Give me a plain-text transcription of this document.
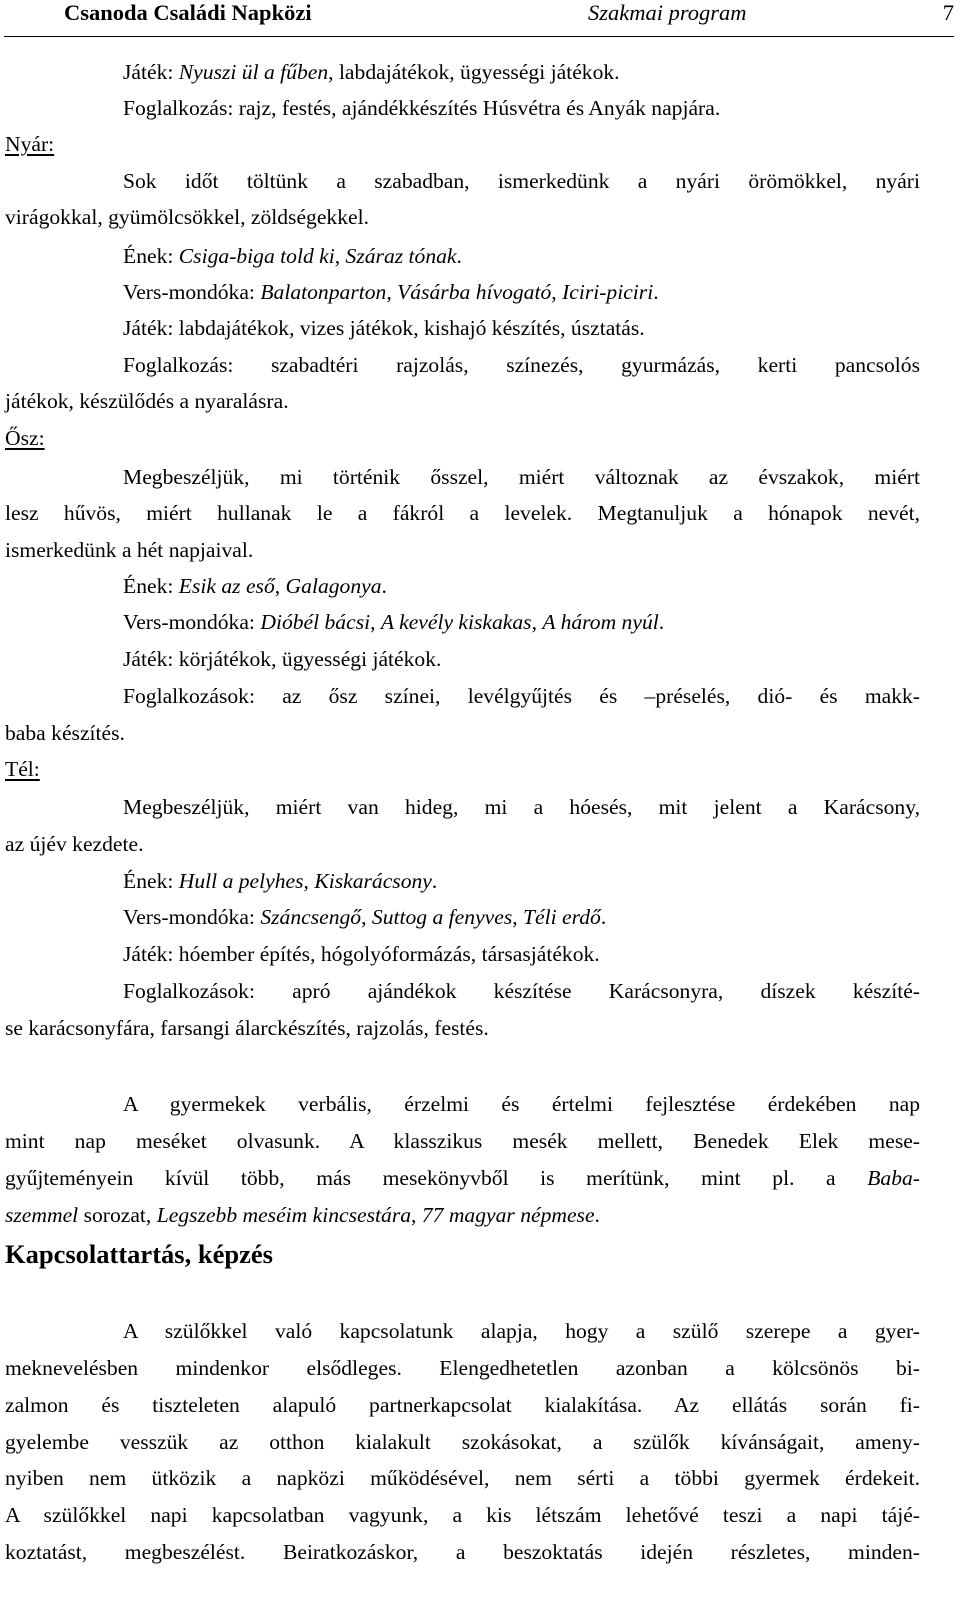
Csanoda Családi Napközi	Szakmai program	7
Játék: Nyuszi ül a fűben, labdajátékok, ügyességi játékok.
Foglalkozás: rajz, festés, ajándékkészítés Húsvétra és Anyák napjára.
Nyár:
Sok időt töltünk a szabadban, ismerkedünk a nyári örömökkel, nyári
virágokkal, gyümölcsökkel, zöldségekkel.
Ének: Csiga-biga told ki, Száraz tónak.
Vers-mondóka: Balatonparton, Vásárba hívogató, Iciri-piciri.
Játék: labdajátékok, vizes játékok, kishajó készítés, úsztatás.
Foglalkozás: szabadtéri rajzolás, színezés, gyurmázás, kerti pancsolós
játékok, készülődés a nyaralásra.
Ősz:
Megbeszéljük, mi történik ősszel, miért változnak az évszakok, miért
lesz hűvös, miért hullanak le a fákról a levelek. Megtanuljuk a hónapok nevét,
ismerkedünk a hét napjaival.
Ének: Esik az eső, Galagonya.
Vers-mondóka: Dióbél bácsi, A kevély kiskakas, A három nyúl.
Játék: körjátékok, ügyességi játékok.
Foglalkozások: az ősz színei, levélgyűjtés és –préselés, dió- és makk-
baba készítés.
Tél:
Megbeszéljük, miért van hideg, mi a hóesés, mit jelent a Karácsony,
az újév kezdete.
Ének: Hull a pelyhes, Kiskarácsony.
Vers-mondóka: Száncsengő, Suttog a fenyves, Téli erdő.
Játék: hóember építés, hógolyóformázás, társasjátékok.
Foglalkozások: apró ajándékok készítése Karácsonyra, díszek készíté-
se karácsonyfára, farsangi álarckészítés, rajzolás, festés.
A gyermekek verbális, érzelmi és értelmi fejlesztése érdekében nap
mint nap meséket olvasunk. A klasszikus mesék mellett, Benedek Elek mese-
gyűjteményein kívül több, más mesekönyvből is merítünk, mint pl. a Baba-
szemmel sorozat, Legszebb meséim kincsestára, 77 magyar népmese.
Kapcsolattartás, képzés
A szülőkkel való kapcsolatunk alapja, hogy a szülő szerepe a gyer-
meknevelésben mindenkor elsődleges. Elengedhetetlen azonban a kölcsönös bi-
zalmon és tiszteleten alapuló partnerkapcsolat kialakítása. Az ellátás során fi-
gyelembe vesszük az otthon kialakult szokásokat, a szülők kívánságait, ameny-
nyiben nem ütközik a napközi működésével, nem sérti a többi gyermek érdekeit.
A szülőkkel napi kapcsolatban vagyunk, a kis létszám lehetővé teszi a napi tájé-
koztatást, megbeszélést. Beiratkozáskor, a beszoktatás idején részletes, minden-
